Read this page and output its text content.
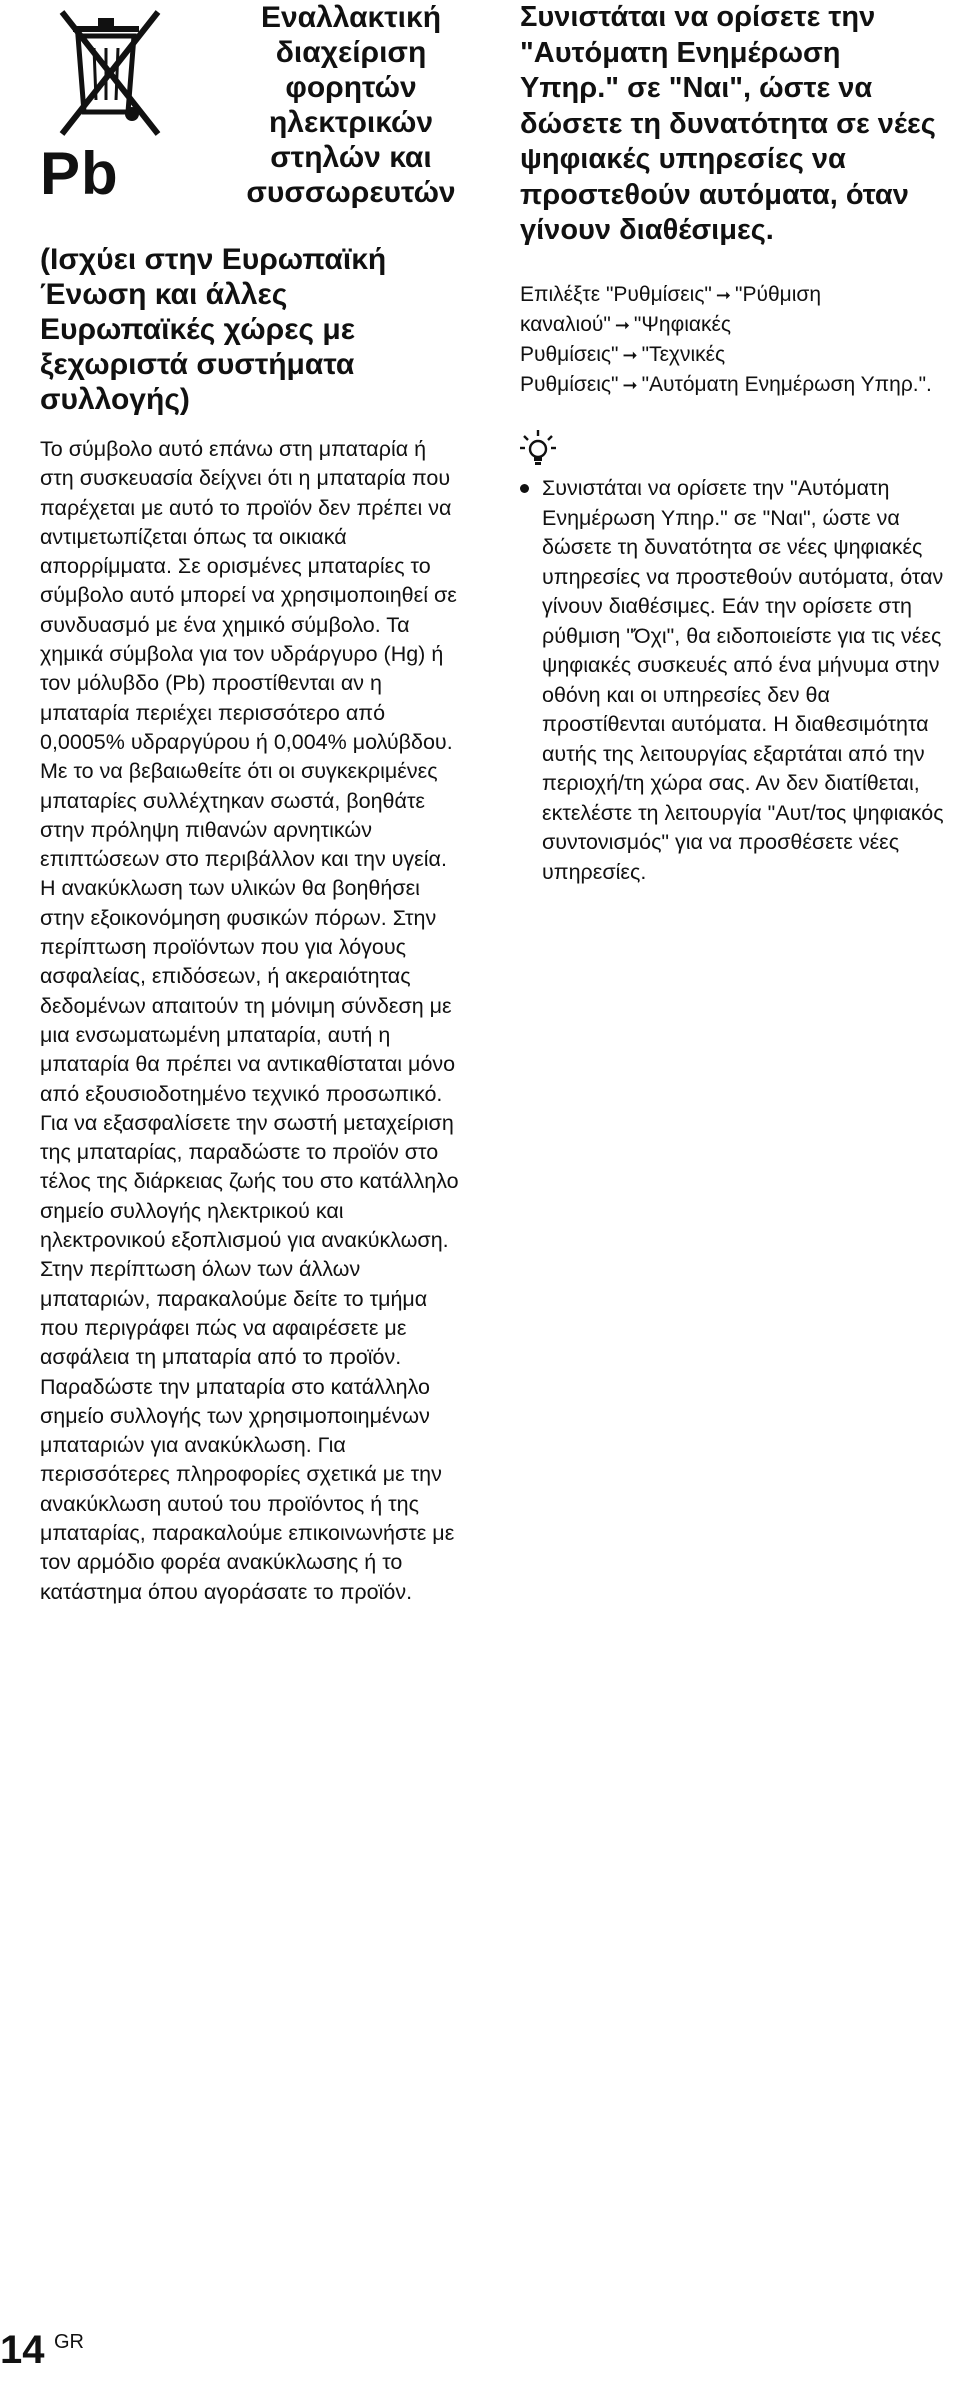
Pb
Εναλλακτική
διαχείριση
φορητών
ηλεκτρικών
στηλών και
συσσωρευτών
(Ισχύει στην Ευρωπαϊκή Ένωση και άλλες Ευρωπαϊκές χώρες με ξεχωριστά συστήματα συλλογής)

Το σύμβολο αυτό επάνω στη μπαταρία ή στη συσκευασία δείχνει ότι η μπαταρία που παρέχεται με αυτό το προϊόν δεν πρέπει να αντιμετωπίζεται όπως τα οικιακά απορρίμματα. Σε ορισμένες μπαταρίες το σύμβολο αυτό μπορεί να χρησιμοποιηθεί σε συνδυασμό με ένα χημικό σύμβολο. Τα χημικά σύμβολα για τον υδράργυρο (Hg) ή τον μόλυβδο (Pb) προστίθενται αν η μπαταρία περιέχει περισσότερο από 0,0005% υδραργύρου ή 0,004% μολύβδου. Με το να βεβαιωθείτε ότι οι συγκεκριμένες μπαταρίες συλλέχτηκαν σωστά, βοηθάτε στην πρόληψη πιθανών αρνητικών επιπτώσεων στο περιβάλλον και την υγεία. Η ανακύκλωση των υλικών θα βοηθήσει στην εξοικονόμηση φυσικών πόρων. Στην περίπτωση προϊόντων που για λόγους ασφαλείας, επιδόσεων, ή ακεραιότητας δεδομένων απαιτούν τη μόνιμη σύνδεση με μια ενσωματωμένη μπαταρία, αυτή η μπαταρία θα πρέπει να αντικαθίσταται μόνο από εξουσιοδοτημένο τεχνικό προσωπικό. Για να εξασφαλίσετε την σωστή μεταχείριση της μπαταρίας, παραδώστε το προϊόν στο τέλος της διάρκειας ζωής του στο κατάλληλο σημείο συλλογής ηλεκτρικού και ηλεκτρονικού εξοπλισμού για ανακύκλωση. Στην περίπτωση όλων των άλλων μπαταριών, παρακαλούμε δείτε το τμήμα που περιγράφει πώς να αφαιρέσετε με ασφάλεια τη μπαταρία από το προϊόν. Παραδώστε την μπαταρία στο κατάλληλο σημείο συλλογής των χρησιμοποιημένων μπαταριών για ανακύκλωση. Για περισσότερες πληροφορίες σχετικά με την ανακύκλωση αυτού του προϊόντος ή της μπαταρίας, παρακαλούμε επικοινωνήστε με τον αρμόδιο φορέα ανακύκλωσης ή το κατάστημα όπου αγοράσατε το προϊόν.

Συνιστάται να ορίσετε την "Αυτόματη Ενημέρωση Υπηρ." σε "Ναι", ώστε να δώσετε τη δυνατότητα σε νέες ψηφιακές υπηρεσίες να προστεθούν αυτόματα, όταν γίνουν διαθέσιμες.

Επιλέξτε "Ρυθμίσεις" ➞ "Ρύθμιση καναλιού" ➞ "Ψηφιακές Ρυθμίσεις" ➞ "Τεχνικές Ρυθμίσεις" ➞ "Αυτόματη Ενημέρωση Υπηρ.".

Συνιστάται να ορίσετε την "Αυτόματη Ενημέρωση Υπηρ." σε "Ναι", ώστε να δώσετε τη δυνατότητα σε νέες ψηφιακές υπηρεσίες να προστεθούν αυτόματα, όταν γίνουν διαθέσιμες. Εάν την ορίσετε στη ρύθμιση "Όχι", θα ειδοποιείστε για τις νέες ψηφιακές συσκευές από ένα μήνυμα στην οθόνη και οι υπηρεσίες δεν θα προστίθενται αυτόματα. Η διαθεσιμότητα αυτής της λειτουργίας εξαρτάται από την περιοχή/τη χώρα σας. Αν δεν διατίθεται, εκτελέστε τη λειτουργία "Αυτ/τος ψηφιακός συντονισμός" για να προσθέσετε νέες υπηρεσίες.
14 GR
